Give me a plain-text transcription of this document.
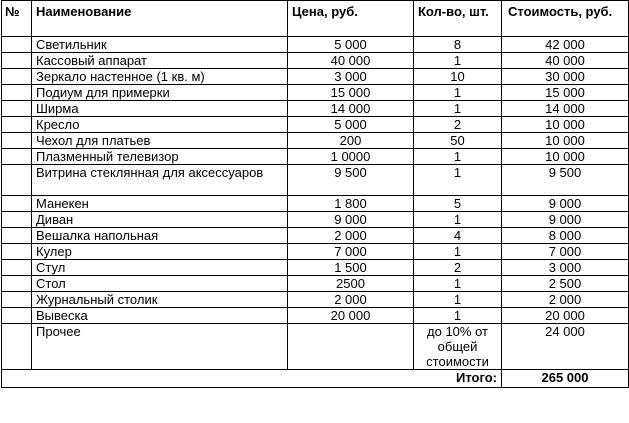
№	Наименование	Цена, руб.	Кол-во, шт.	Стоимость, руб.
	Светильник	5 000	8	42 000
	Кассовый аппарат	40 000	1	40 000
	Зеркало настенное (1 кв. м)	3 000	10	30 000
	Подиум для примерки	15 000	1	15 000
	Ширма	14 000	1	14 000
	Кресло	5 000	2	10 000
	Чехол для платьев	200	50	10 000
	Плазменный телевизор	1 0000	1	10 000
	Витрина стеклянная для аксессуаров	9 500	1	9 500
	Манекен	1 800	5	9 000
	Диван	9 000	1	9 000
	Вешалка напольная	2 000	4	8 000
	Кулер	7 000	1	7 000
	Стул	1 500	2	3 000
	Стол	2500	1	2 500
	Журнальный столик	2 000	1	2 000
	Вывеска	20 000	1	20 000
	Прочее		до 10% от общей стоимости	24 000
			Итого:	265 000
